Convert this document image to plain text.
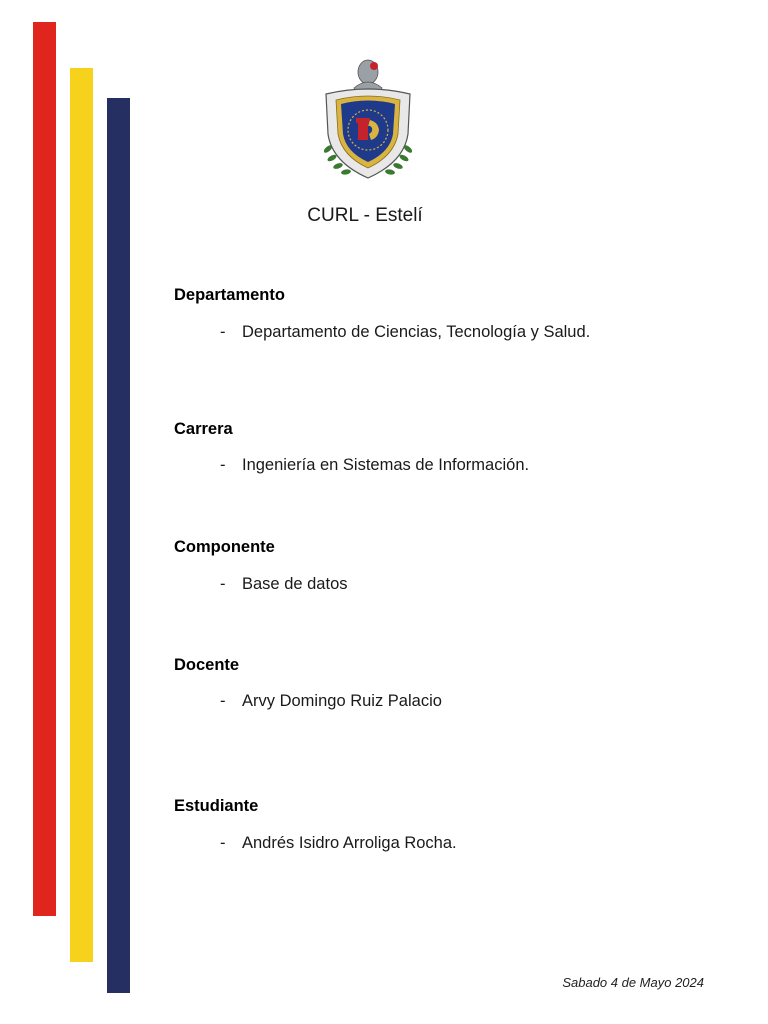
CURL - Estelí
Departamento
- Departamento de Ciencias, Tecnología y Salud.
Carrera
- Ingeniería en Sistemas de Información.
Componente
- Base de datos
Docente
- Arvy Domingo Ruiz Palacio
Estudiante
- Andrés Isidro Arroliga Rocha.
Sabado 4 de Mayo 2024
